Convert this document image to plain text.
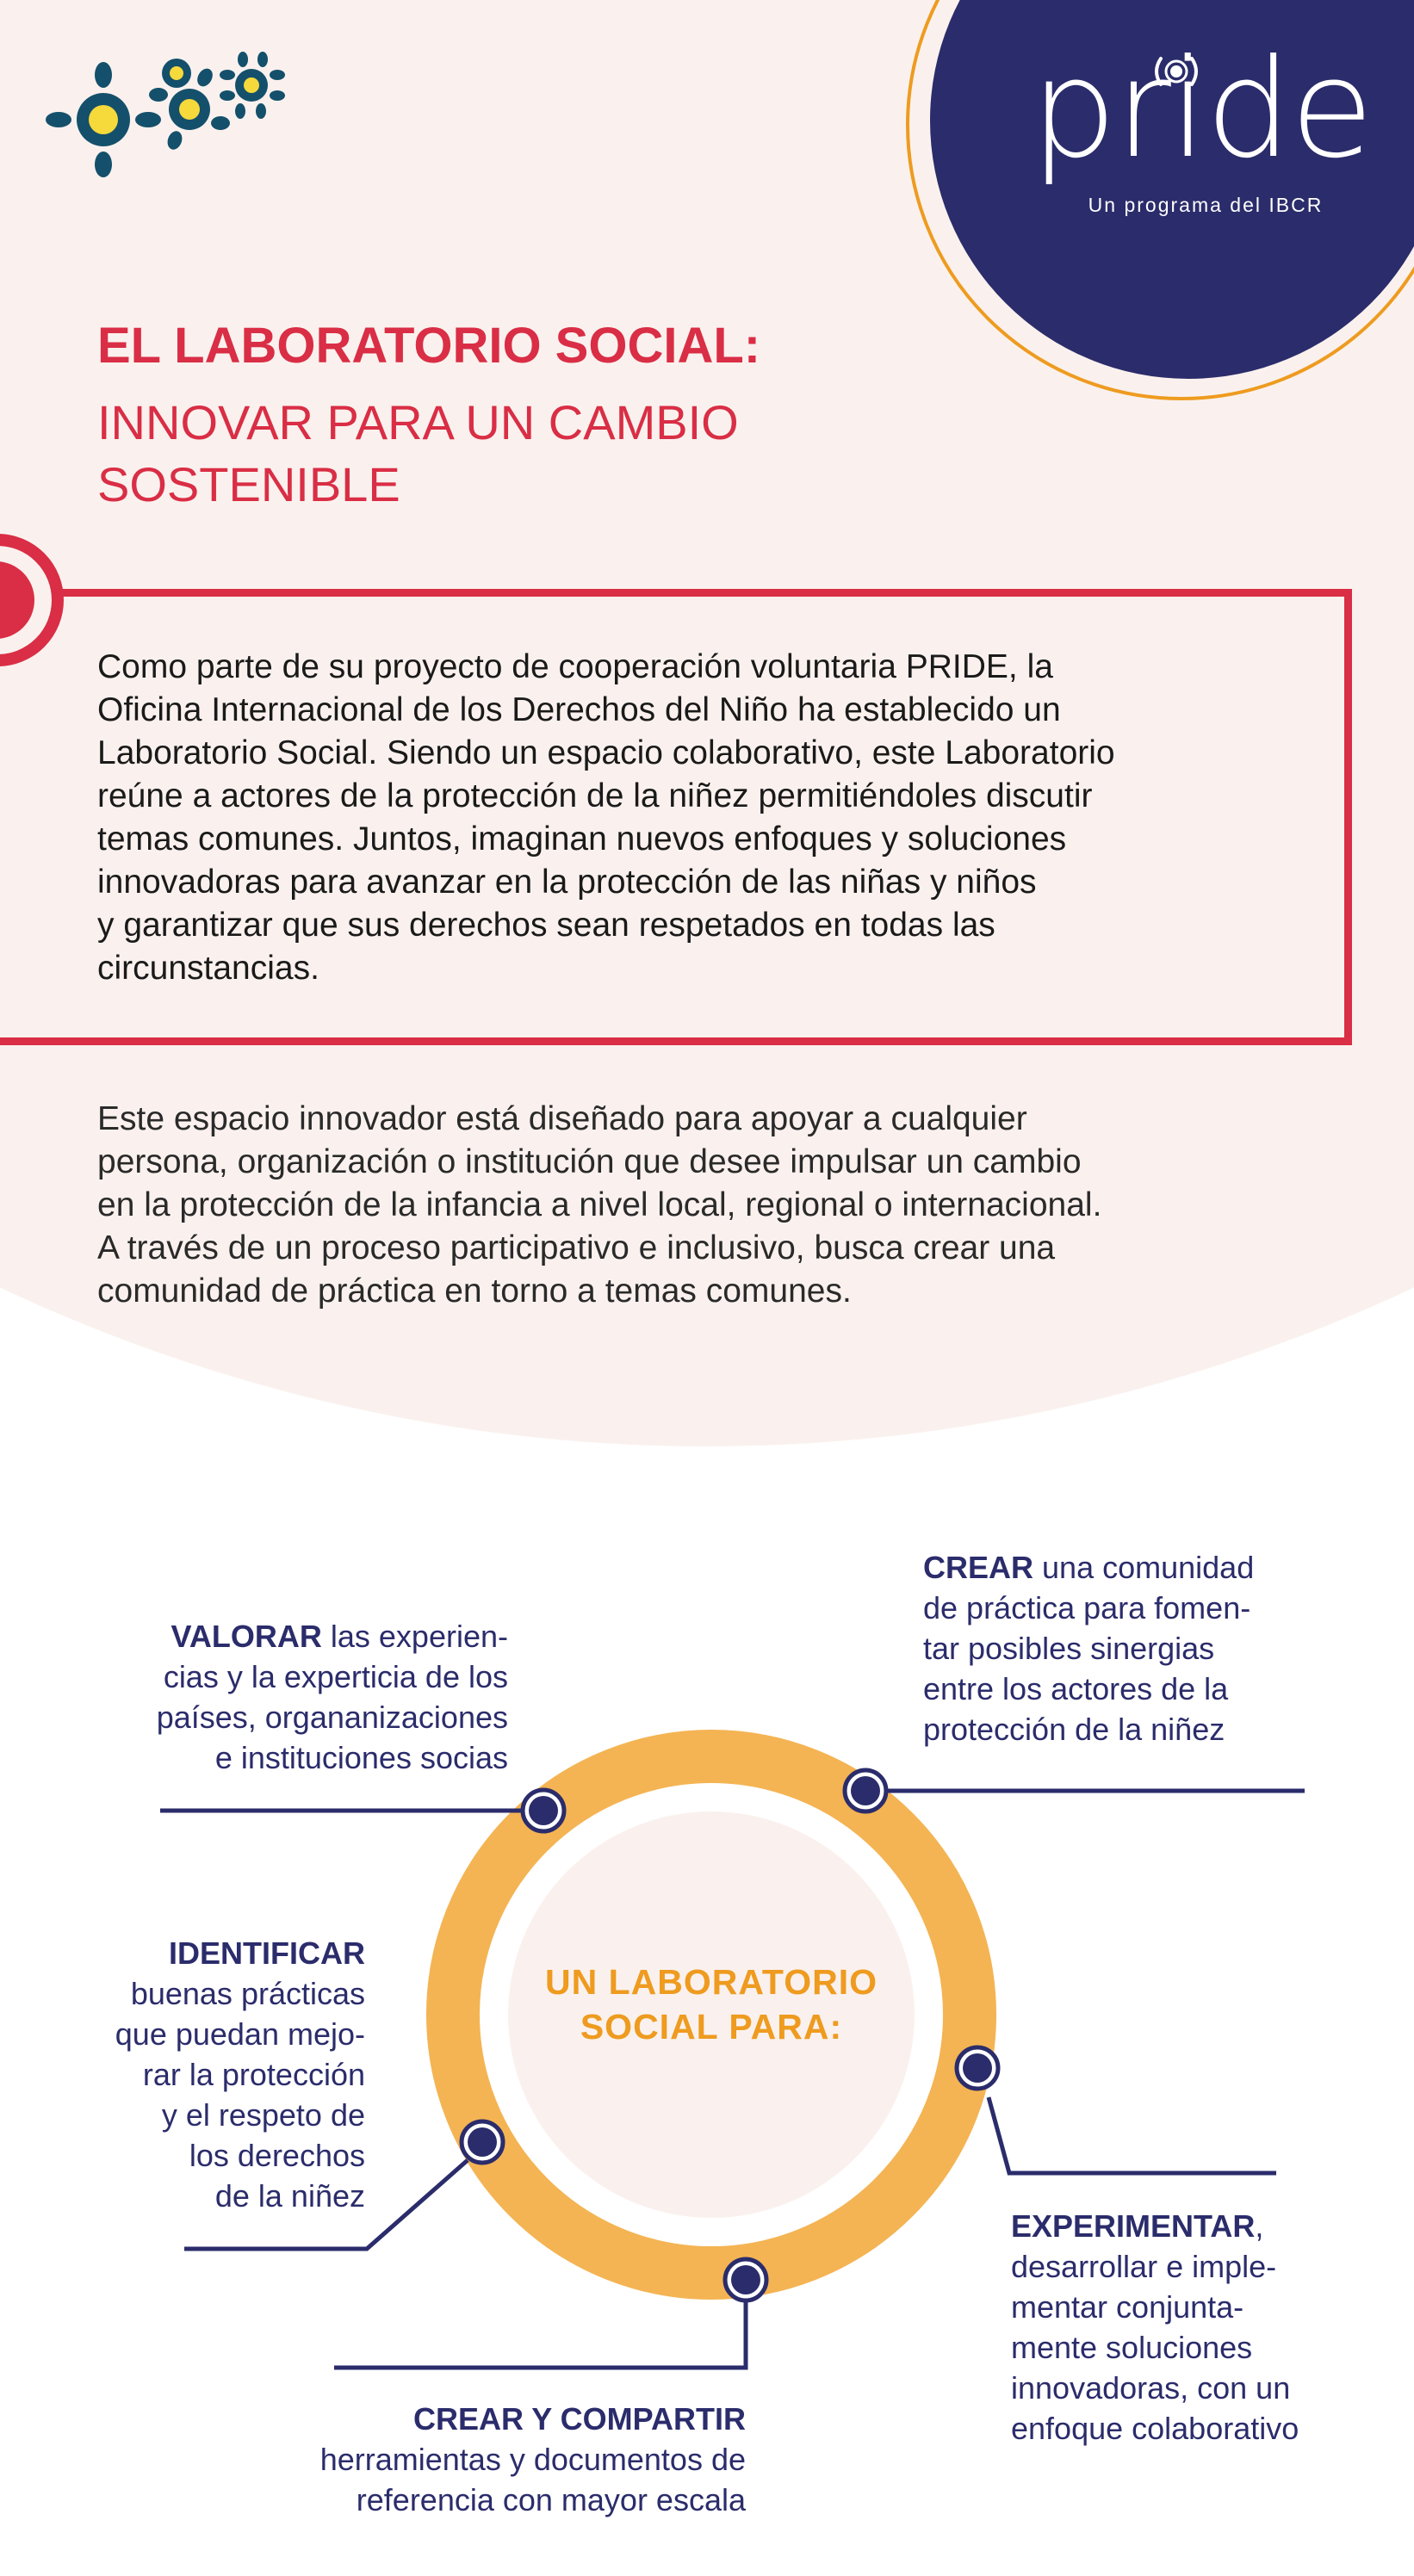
pride
Un programa del IBCR
EL LABORATORIO SOCIAL:
INNOVAR PARA UN CAMBIO
SOSTENIBLE
Como parte de su proyecto de cooperación voluntaria PRIDE, la
Oficina Internacional de los Derechos del Niño ha establecido un
Laboratorio Social. Siendo un espacio colaborativo, este Laboratorio
reúne a actores de la protección de la niñez permitiéndoles discutir
temas comunes. Juntos, imaginan nuevos enfoques y soluciones
innovadoras para avanzar en la protección de las niñas y niños
y garantizar que sus derechos sean respetados en todas las
circunstancias.
Este espacio innovador está diseñado para apoyar a cualquier
persona, organización o institución que desee impulsar un cambio
en la protección de la infancia a nivel local, regional o internacional.
A través de un proceso participativo e inclusivo, busca crear una
comunidad de práctica en torno a temas comunes.
UN LABORATORIO
SOCIAL PARA:
VALORAR las experien-
cias y la experticia de los
países, organanizaciones
e instituciones socias
CREAR una comunidad
de práctica para fomen-
tar posibles sinergias
entre los actores de la
protección de la niñez
IDENTIFICAR
buenas prácticas
que puedan mejo-
rar la protección
y el respeto de
los derechos
de la niñez
EXPERIMENTAR,
desarrollar e imple-
mentar conjunta-
mente soluciones
innovadoras, con un
enfoque colaborativo
CREAR Y COMPARTIR
herramientas y documentos de
referencia con mayor escala
